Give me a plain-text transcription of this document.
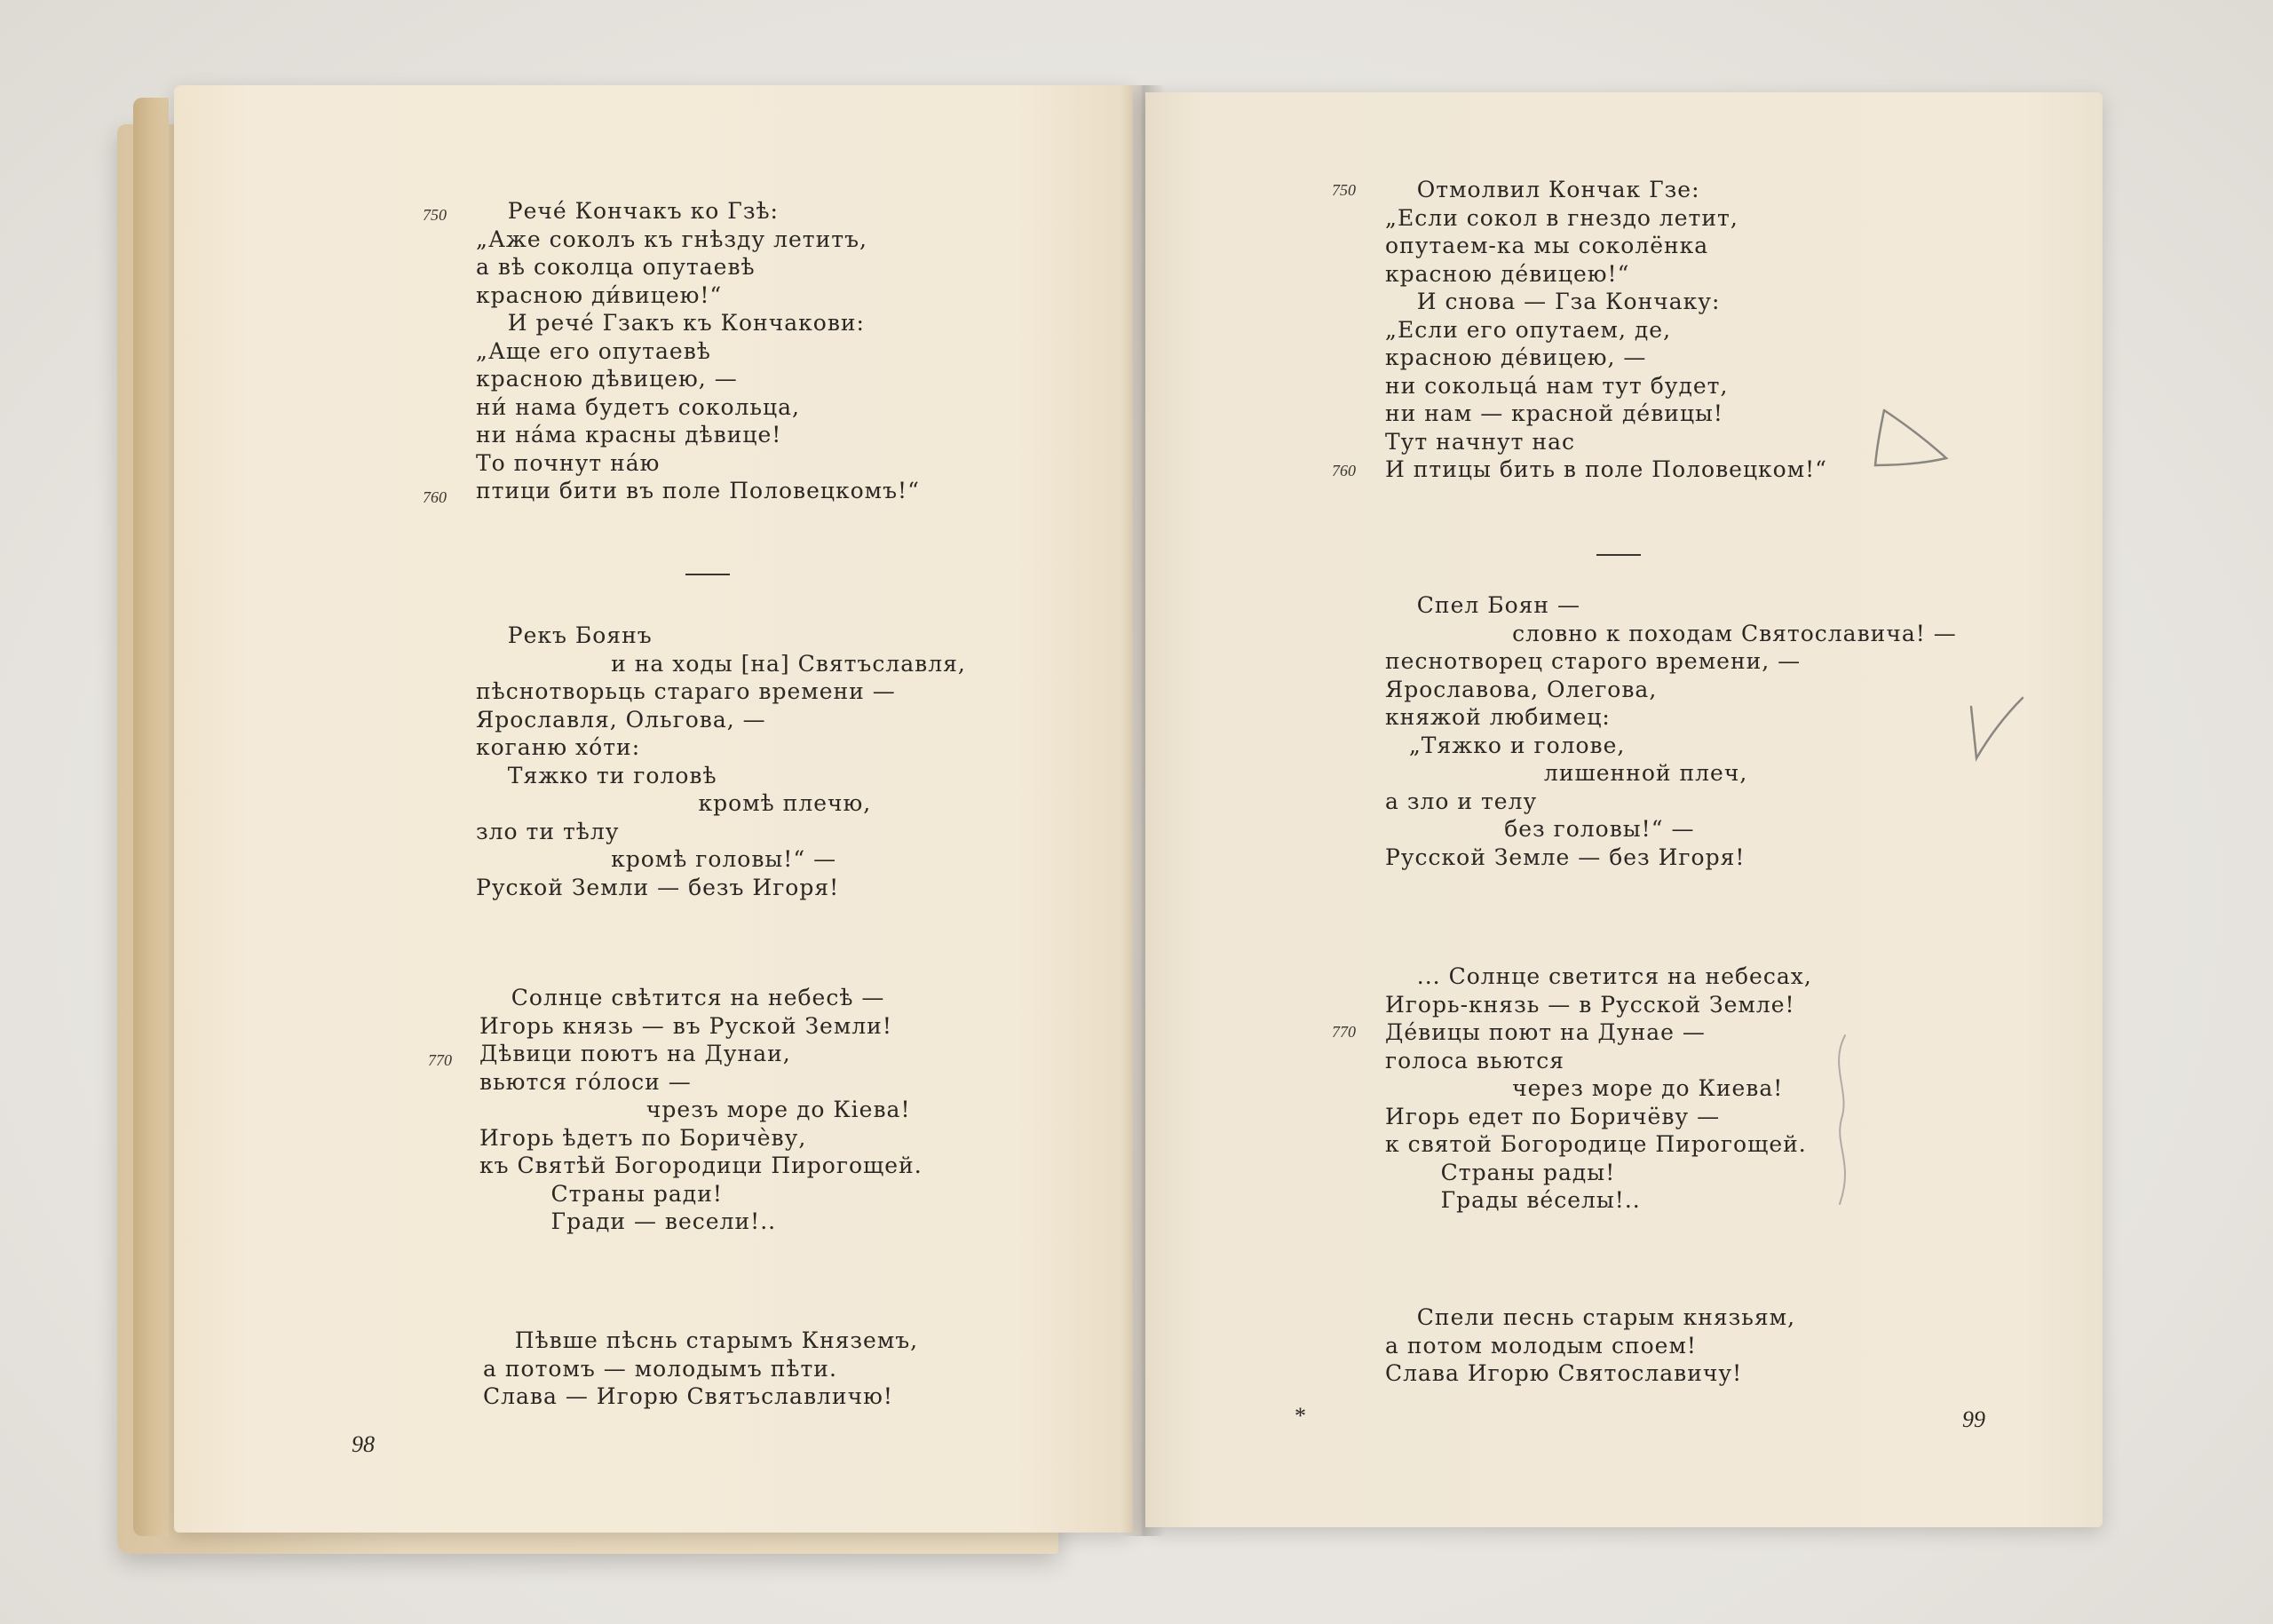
750
760
770
Рече́ Кончакъ ко Гзѣ:
„Аже соколъ къ гнѣзду летитъ,
а вѣ соколца опутаевѣ
красною ди́вицею!“
И рече́ Гзакъ къ Кончакови:
„Аще его опутаевѣ
красною дѣвицею, —
ни́ нама будетъ сокольца,
ни на́ма красны дѣвице!
То почнут на́ю
птици бити въ поле Половецкомъ!“
Рекъ Боянъ
и на ходы [на] Святъславля,
пѣснотворьць стараго времени —
Ярославля, Ольгова, —
коганю хо́ти:
Тяжко ти головѣ
кромѣ плечю,
зло ти тѣлу
кромѣ головы!“ —
Руской Земли — безъ Игоря!
Солнце свѣтится на небесѣ —
Игорь князь — въ Руской Земли!
Дѣвици поютъ на Дунаи,
вьются го́лоси —
чрезъ море до Кіева!
Игорь ѣдетъ по Боричѐву,
къ Святѣй Богородици Пирогощей.
Страны ради!
Гради — весели!..
Пѣвше пѣснь старымъ Княземъ,
а потомъ — молодымъ пѣти.
Слава — Игорю Святъславличю!
98
750
760
770
Отмолвил Кончак Гзе:
„Если сокол в гнездо летит,
опутаем-ка мы соколёнка
красною де́вицею!“
И снова — Гза Кончаку:
„Если его опутаем, де,
красною де́вицею, —
ни сокольца́ нам тут будет,
ни нам — красной де́вицы!
Тут начнут нас
И птицы бить в поле Половецком!“
Спел Боян —
словно к походам Святославича! —
песнотворец старого времени, —
Ярославова, Олегова,
княжой любимец:
„Тяжко и голове,
лишенной плеч,
а зло и телу
без головы!“ —
Русской Земле — без Игоря!
... Солнце светится на небесах,
Игорь-князь — в Русской Земле!
Де́вицы поют на Дунае —
голоса вьются
через море до Киева!
Игорь едет по Боричёву —
к святой Богородице Пирогощей.
Страны рады!
Грады ве́селы!..
Спели песнь старым князьям,
а потом молодым споем!
Слава Игорю Святославичу!
*	99
